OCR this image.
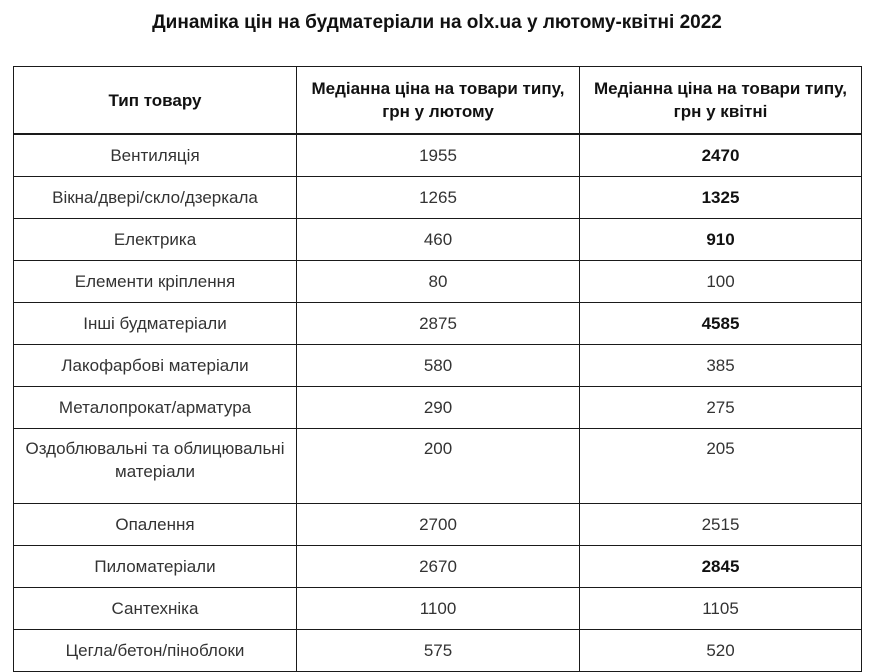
Динаміка цін на будматеріали на olx.ua у лютому-квітні 2022
Тип товару	Медіанна ціна на товари типу, грн у лютому	Медіанна ціна на товари типу, грн у квітні
Вентиляція	1955	2470
Вікна/двері/скло/дзеркала	1265	1325
Електрика	460	910
Елементи кріплення	80	100
Інші будматеріали	2875	4585
Лакофарбові матеріали	580	385
Металопрокат/арматура	290	275
Оздоблювальні та облицювальні матеріали	200	205
Опалення	2700	2515
Пиломатеріали	2670	2845
Сантехніка	1100	1105
Цегла/бетон/піноблоки	575	520
